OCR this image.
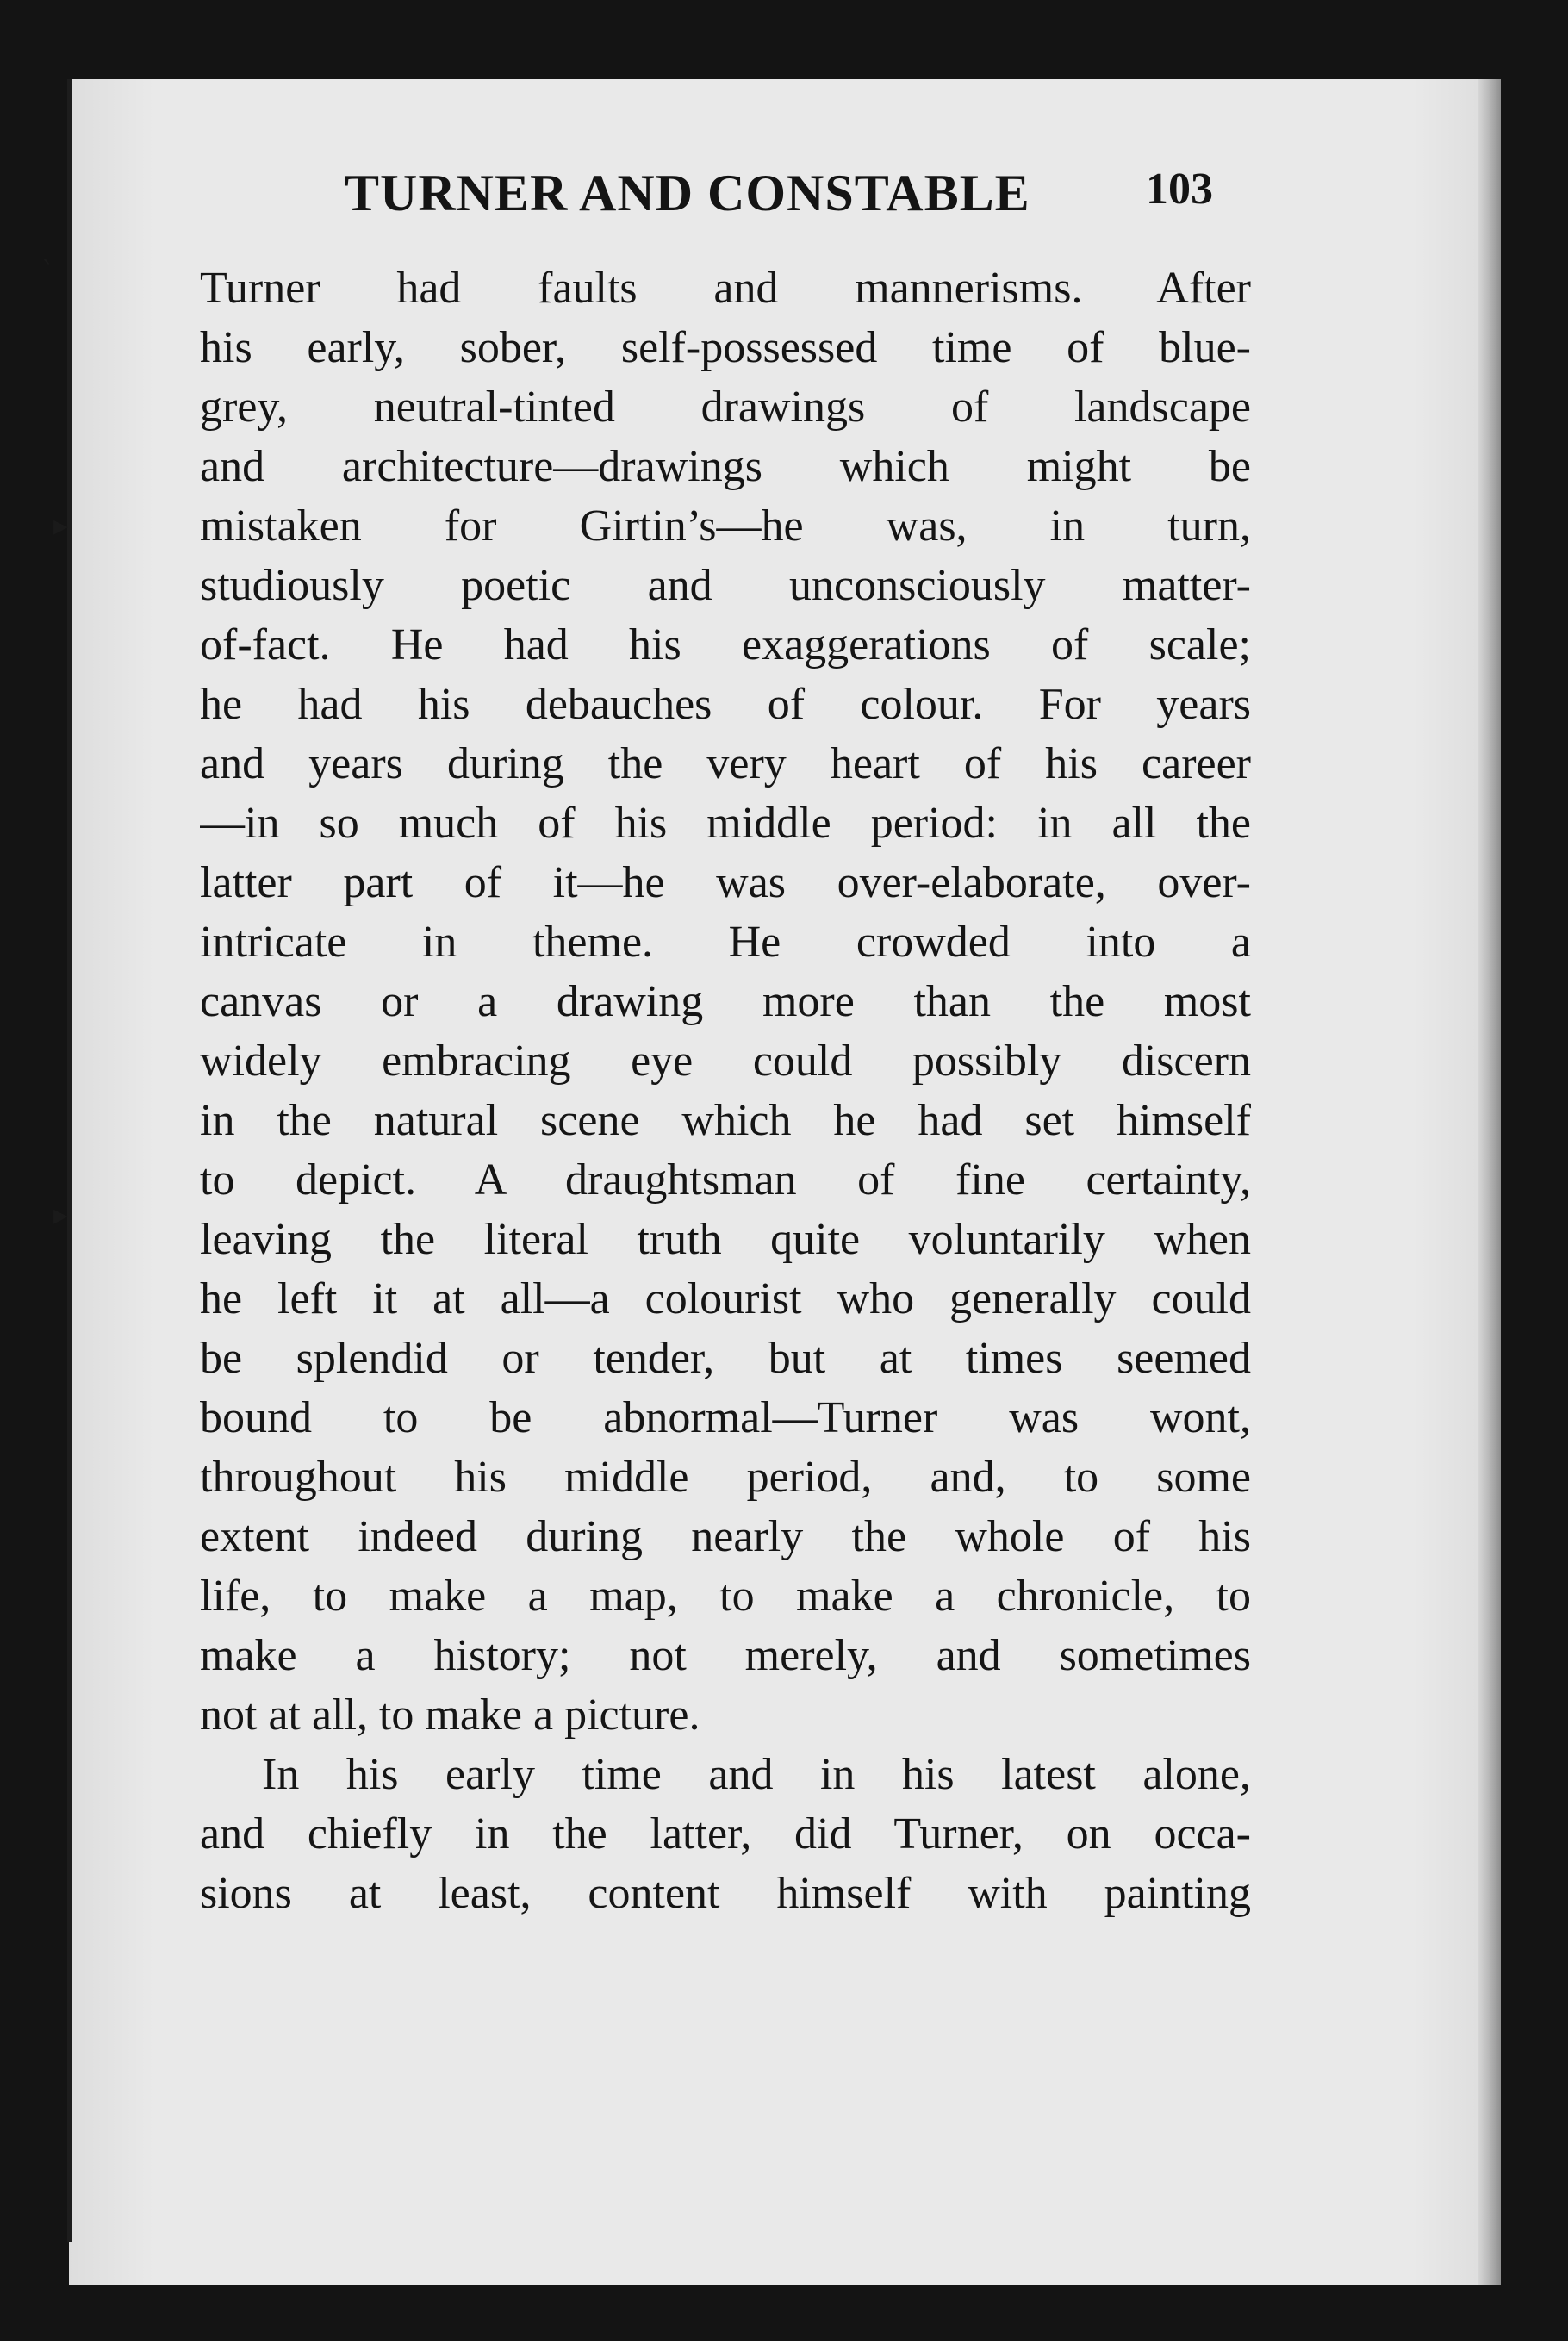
▸
▸
ˋ
TURNER AND CONSTABLE	103
Turner had faults and mannerisms. After
his early, sober, self-possessed time of blue-
grey, neutral-tinted drawings of landscape
and architecture—drawings which might be
mistaken for Girtin’s—he was, in turn,
studiously poetic and unconsciously matter-
of-fact. He had his exaggerations of scale;
he had his debauches of colour. For years
and years during the very heart of his career
—in so much of his middle period: in all the
latter part of it—he was over-elaborate, over-
intricate in theme. He crowded into a
canvas or a drawing more than the most
widely embracing eye could possibly discern
in the natural scene which he had set himself
to depict. A draughtsman of fine certainty,
leaving the literal truth quite voluntarily when
he left it at all—a colourist who generally could
be splendid or tender, but at times seemed
bound to be abnormal—Turner was wont,
throughout his middle period, and, to some
extent indeed during nearly the whole of his
life, to make a map, to make a chronicle, to
make a history; not merely, and sometimes
not at all, to make a picture.
In his early time and in his latest alone,
and chiefly in the latter, did Turner, on occa-
sions at least, content himself with painting
